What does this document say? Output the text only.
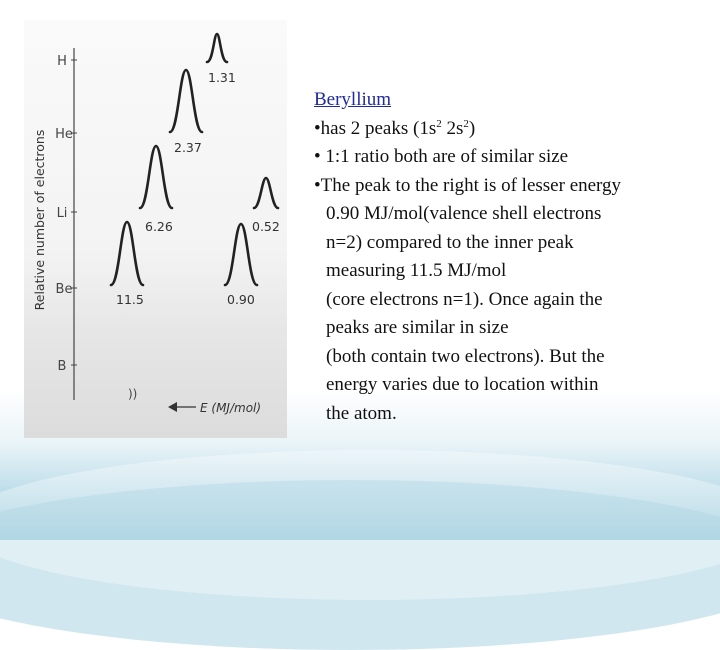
Relative number of electrons
H
He
Li
Be
B
1.31
2.37
6.26	0.52
11.5	0.90
))
E (MJ/mol)
Beryllium
•has 2 peaks ($1s^2$ $2s^2$)
• 1:1 ratio both are of similar size
•The peak to the right is of lesser energy
0.90 MJ/mol(valence shell electrons
n=2) compared to the inner peak
measuring 11.5 MJ/mol
(core electrons n=1). Once again the
peaks are similar in size
(both contain two electrons). But the
energy varies due to location within
the atom.
